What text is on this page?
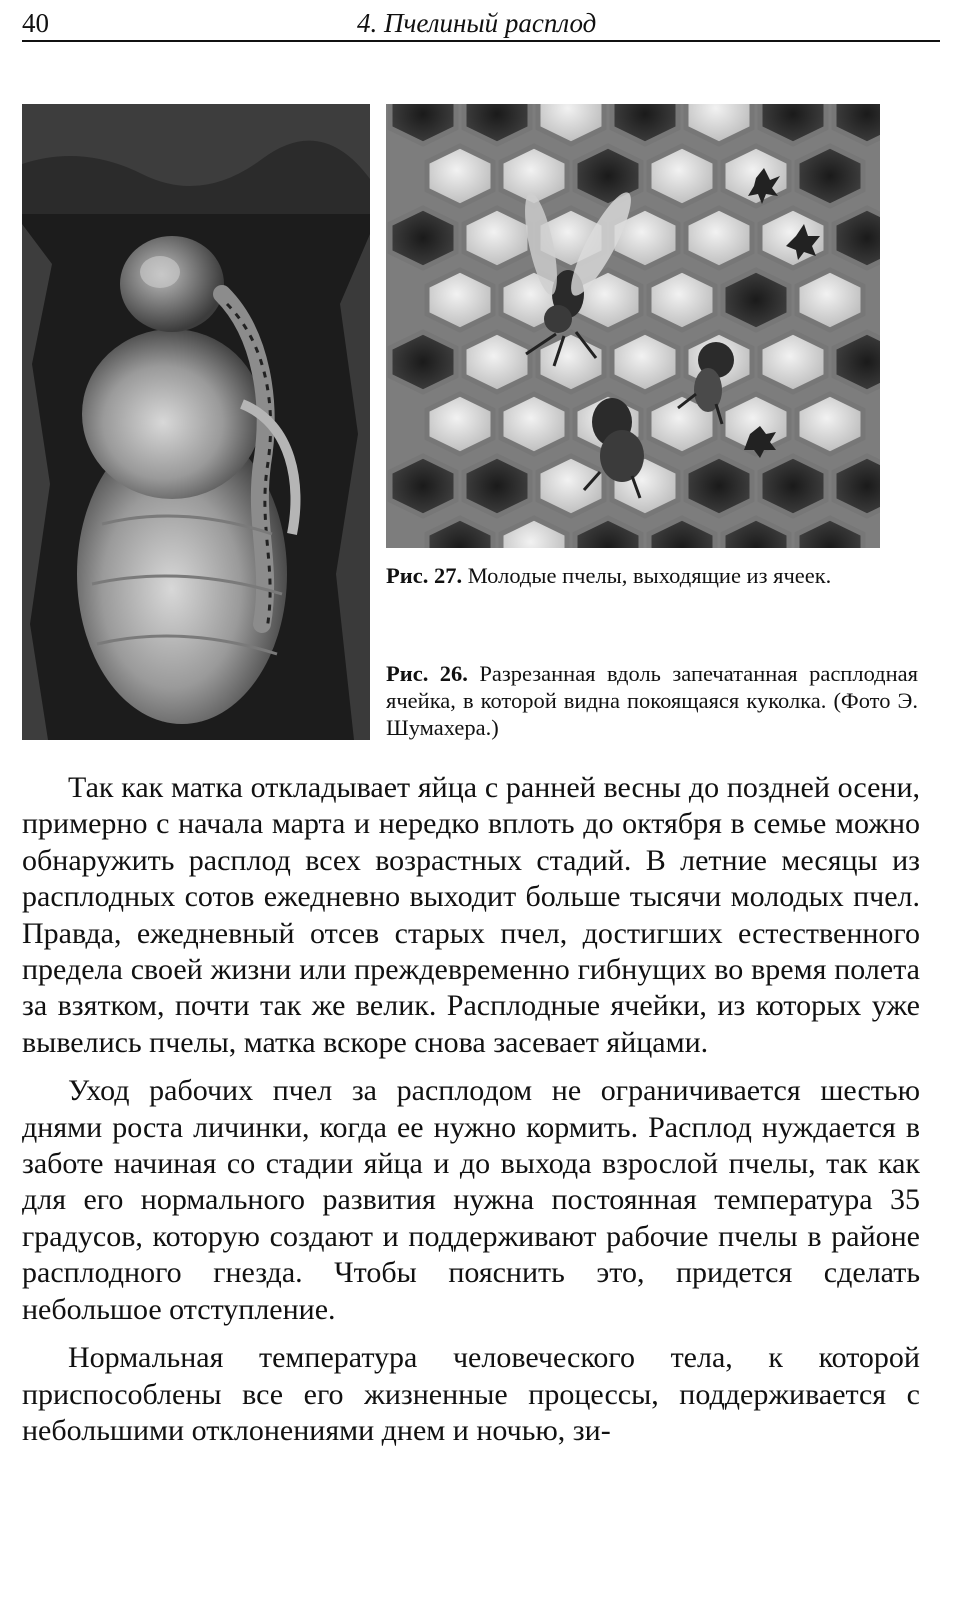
40	4. Пчелиный расплод
Рис. 27. Молодые пчелы, выходящие из ячеек.
Рис. 26. Разрезанная вдоль запечатанная расплодная ячейка, в которой видна покоящаяся куколка. (Фото Э. Шумахера.)

Так как матка откладывает яйца с ранней весны до поздней осени, примерно с начала марта и нередко вплоть до октября в семье можно обнаружить расплод всех возрастных стадий. В летние месяцы из расплодных сотов ежедневно выходит больше тысячи молодых пчел. Правда, ежедневный отсев старых пчел, достигших естественного предела своей жизни или преждевременно гибнущих во время полета за взятком, почти так же велик. Расплодные ячейки, из которых уже вывелись пчелы, матка вскоре снова засевает яйцами.

Уход рабочих пчел за расплодом не ограничивается шестью днями роста личинки, когда ее нужно кормить. Расплод нуждается в заботе начиная со стадии яйца и до выхода взрослой пчелы, так как для его нормального развития нужна постоянная температура 35 градусов, которую создают и поддерживают рабочие пчелы в районе расплодного гнезда. Чтобы пояснить это, придется сделать небольшое отступление.

Нормальная температура человеческого тела, к которой приспособлены все его жизненные процессы, поддерживается с небольшими отклонениями днем и ночью, зи-
